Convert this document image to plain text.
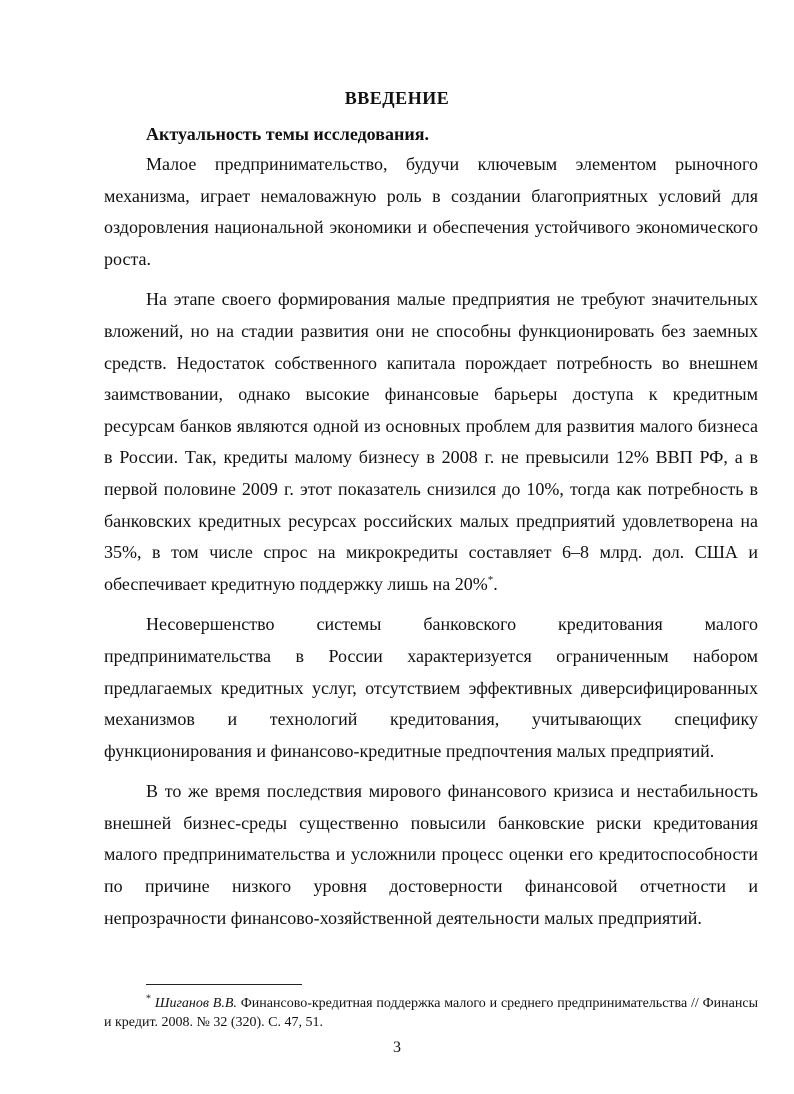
ВВЕДЕНИЕ
Актуальность темы исследования.

Малое предпринимательство, будучи ключевым элементом рыночного механизма, играет немаловажную роль в создании благоприятных условий для оздоровления национальной экономики и обеспечения устойчивого экономического роста.

На этапе своего формирования малые предприятия не требуют значительных вложений, но на стадии развития они не способны функционировать без заемных средств. Недостаток собственного капитала порождает потребность во внешнем заимствовании, однако высокие финансовые барьеры доступа к кредитным ресурсам банков являются одной из основных проблем для развития малого бизнеса в России. Так, кредиты малому бизнесу в 2008 г. не превысили 12% ВВП РФ, а в первой половине 2009 г. этот показатель снизился до 10%, тогда как потребность в банковских кредитных ресурсах российских малых предприятий удовлетворена на 35%, в том числе спрос на микрокредиты составляет 6–8 млрд. дол. США и обеспечивает кредитную поддержку лишь на 20%*.

Несовершенство системы банковского кредитования малого предпринимательства в России характеризуется ограниченным набором предлагаемых кредитных услуг, отсутствием эффективных диверсифицированных механизмов и технологий кредитования, учитывающих специфику функционирования и финансово-кредитные предпочтения малых предприятий.

В то же время последствия мирового финансового кризиса и нестабильность внешней бизнес-среды существенно повысили банковские риски кредитования малого предпринимательства и усложнили процесс оценки его кредитоспособности по причине низкого уровня достоверности финансовой отчетности и непрозрачности финансово-хозяйственной деятельности малых предприятий.

* Шиганов В.В. Финансово-кредитная поддержка малого и среднего предпринимательства // Финансы и кредит. 2008. № 32 (320). С. 47, 51.

3
